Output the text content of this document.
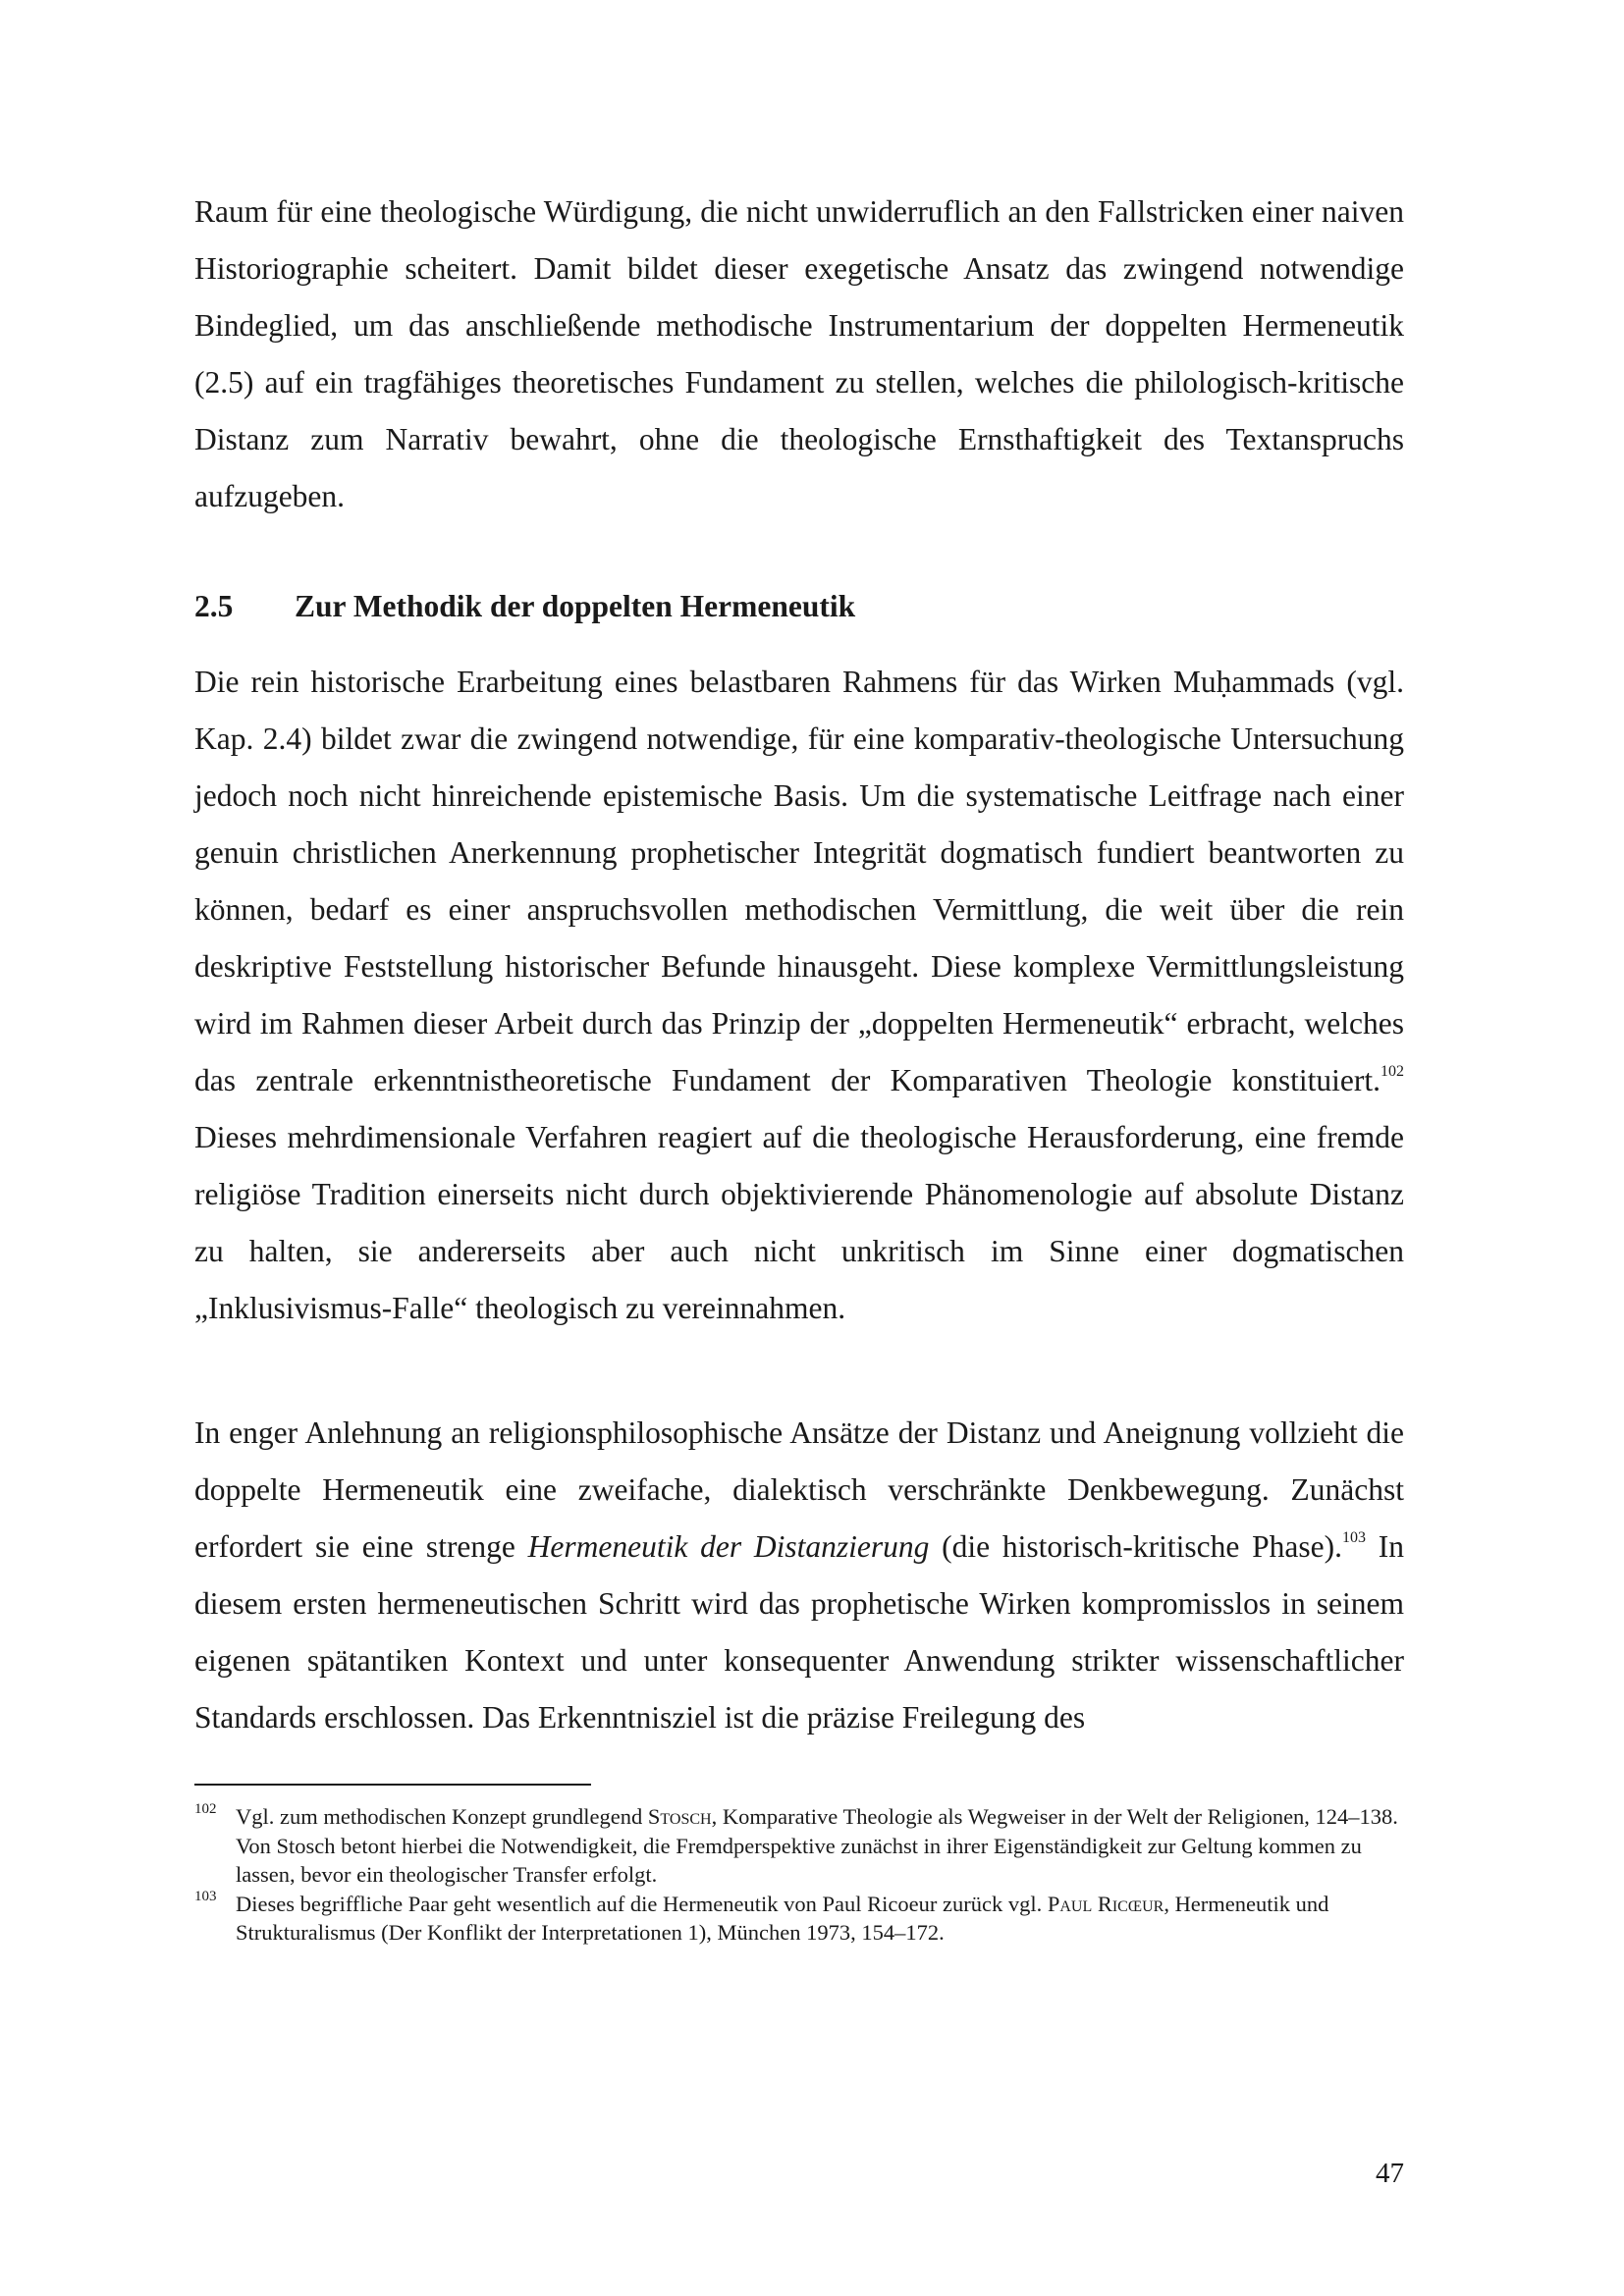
Raum für eine theologische Würdigung, die nicht unwiderruflich an den Fallstricken einer naiven Historiographie scheitert. Damit bildet dieser exegetische Ansatz das zwingend notwendige Bindeglied, um das anschließende methodische Instrumentarium der doppelten Hermeneutik (2.5) auf ein tragfähiges theoretisches Fundament zu stellen, welches die philologisch-kritische Distanz zum Narrativ bewahrt, ohne die theologische Ernsthaftigkeit des Textanspruchs aufzugeben.

2.5 Zur Methodik der doppelten Hermeneutik

Die rein historische Erarbeitung eines belastbaren Rahmens für das Wirken Muḥammads (vgl. Kap. 2.4) bildet zwar die zwingend notwendige, für eine komparativ-theologische Untersuchung jedoch noch nicht hinreichende epistemische Basis. Um die systematische Leitfrage nach einer genuin christlichen Anerkennung prophetischer Integrität dogmatisch fundiert beantworten zu können, bedarf es einer anspruchsvollen methodischen Vermittlung, die weit über die rein deskriptive Feststellung historischer Befunde hinausgeht. Diese komplexe Vermittlungsleistung wird im Rahmen dieser Arbeit durch das Prinzip der „doppelten Hermeneutik“ erbracht, welches das zentrale erkenntnistheoretische Fundament der Komparativen Theologie konstituiert.$^{102}$ Dieses mehrdimensionale Verfahren reagiert auf die theologische Herausforderung, eine fremde religiöse Tradition einerseits nicht durch objektivierende Phänomenologie auf absolute Distanz zu halten, sie andererseits aber auch nicht unkritisch im Sinne einer dogmatischen „Inklusivismus-Falle“ theologisch zu vereinnahmen.

In enger Anlehnung an religionsphilosophische Ansätze der Distanz und Aneignung vollzieht die doppelte Hermeneutik eine zweifache, dialektisch verschränkte Denkbewegung. Zunächst erfordert sie eine strenge Hermeneutik der Distanzierung (die historisch-kritische Phase).$^{103}$ In diesem ersten hermeneutischen Schritt wird das prophetische Wirken kompromisslos in seinem eigenen spätantiken Kontext und unter konsequenter Anwendung strikter wissenschaftlicher Standards erschlossen. Das Erkenntnisziel ist die präzise Freilegung des

102 Vgl. zum methodischen Konzept grundlegend Stosch, Komparative Theologie als Wegweiser in der Welt der Religionen, 124–138. Von Stosch betont hierbei die Notwendigkeit, die Fremdperspektive zunächst in ihrer Eigenständigkeit zur Geltung kommen zu lassen, bevor ein theologischer Transfer erfolgt.

103 Dieses begriffliche Paar geht wesentlich auf die Hermeneutik von Paul Ricoeur zurück vgl. Paul Ricœur, Hermeneutik und Strukturalismus (Der Konflikt der Interpretationen 1), München 1973, 154–172.

47
